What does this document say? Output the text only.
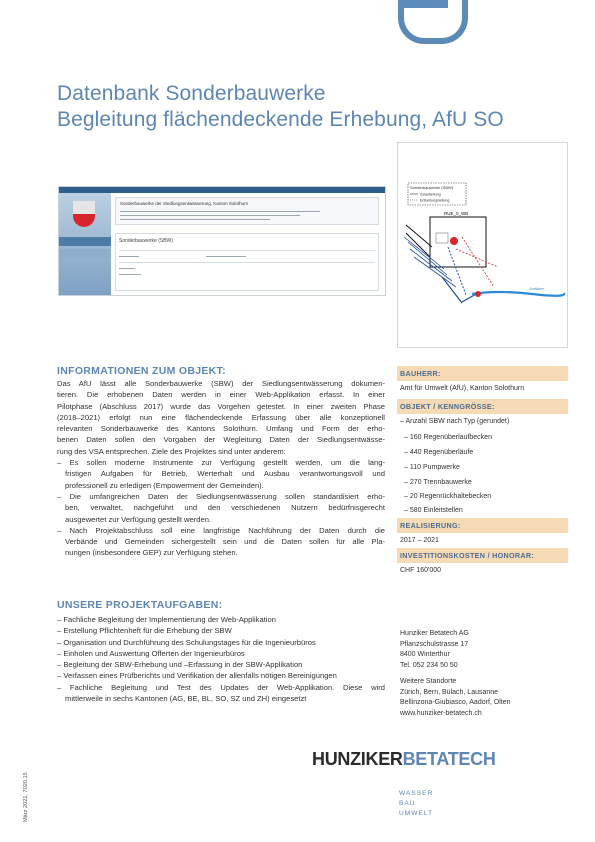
Datenbank Sonderbauwerke
Begleitung flächendeckende Erhebung, AfU SO
Sonderbauwerke der Siedlungsentwässerung, Kanton Solothurn
Sonderbauwerke (SBW)
Sonderbauwerke (SBW)
Zulaufleitung
Entlastungsleitung
RUE_0_WB
Vorfluter
INFORMATIONEN ZUM OBJEKT:
Das AfU lässt alle Sonderbauwerke (SBW) der Siedlungsentwässerung dokumen-
tieren. Die erhobenen Daten werden in einer Web-Applikation erfasst. In einer
Pilotphase (Abschluss 2017) wurde das Vorgehen getestet. In einer zweiten Phase
(2018–2021) erfolgt nun eine flächendeckende Erfassung über alle konzeptionell
relevanten Sonderbauwerke des Kantons Solothurn. Umfang und Form der erho-
benen Daten sollen den Vorgaben der Wegleitung Daten der Siedlungsentwässe-
rung des VSA entsprechen. Ziele des Projektes sind unter anderem:
– Es sollen moderne Instrumente zur Verfügung gestellt werden, um die lang-
fristigen Aufgaben für Betrieb, Werterhalt und Ausbau verantwortungsvoll und
professionell zu erledigen (Empowerment der Gemeinden).
– Die umfangreichen Daten der Siedlungsentwässerung sollen standardisiert erho-
ben, verwaltet, nachgeführt und den verschiedenen Nutzern bedürfnisgerecht
ausgewertet zur Verfügung gestellt werden.
– Nach Projektabschluss soll eine langfristige Nachführung der Daten durch die
Verbände und Gemeinden sichergestellt sein und die Daten sollen für alle Pla-
nungen (insbesondere GEP) zur Verfügung stehen.
UNSERE PROJEKTAUFGABEN:
– Fachliche Begleitung der Implementierung der Web-Applikation
– Erstellung Pflichtenheft für die Erhebung der SBW
– Organisation und Durchführung des Schulungstages für die Ingenieurbüros
– Einholen und Auswertung Offerten der Ingenieurbüros
– Begleitung der SBW-Erhebung und –Erfassung in der SBW-Applikation
– Verfassen eines Prüfberichts und Verifikation der allenfalls nötigen Bereinigungen
– Fachliche Begleitung und Test des Updates der Web-Applikation. Diese wird
mittlerweile in sechs Kantonen (AG, BE, BL, SO, SZ und ZH) eingesetzt
BAUHERR:
Amt für Umwelt (AfU), Kanton Solothurn
OBJEKT / KENNGRÖSSE:
– Anzahl SBW nach Typ (gerundet)
– 160 Regenüberlaufbecken
– 440 Regenüberläufe
– 110 Pumpwerke
– 270 Trennbauwerke
– 20 Regenrückhaltebecken
– 580 Einleitstellen
REALISIERUNG:
2017 – 2021
INVESTITIONSKOSTEN / HONORAR:
CHF 160'000
Hunziker Betatech AG
Pflanzschulstrasse 17
8400 Winterthur
Tel. 052 234 50 50
Weitere Standorte
Zürich, Bern, Bülach, Lausanne
Bellinzona-Giubiasco, Aadorf, Olten
www.hunziker-betatech.ch
HUNZIKERBETATECH
WASSER
BAU
UMWELT
März 2021, 7020.15
